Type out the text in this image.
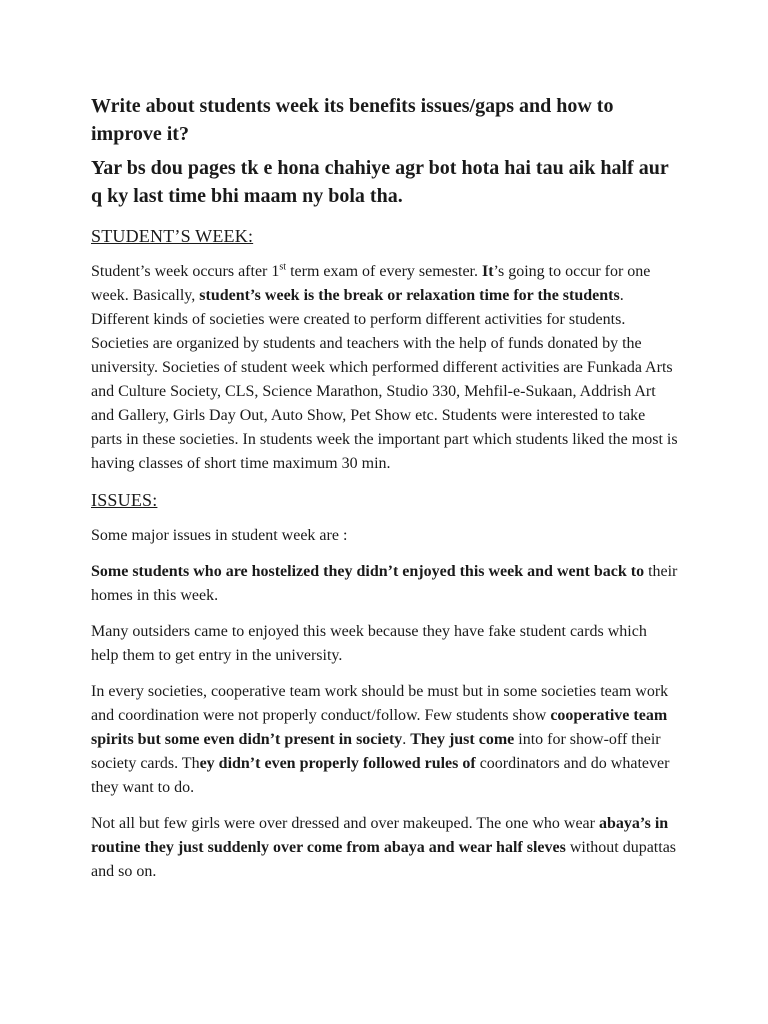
Write about students week its benefits issues/gaps and how to improve it?
Yar bs dou pages tk e hona chahiye agr bot hota hai tau aik half aur q ky last time bhi maam ny bola tha.
STUDENT’S WEEK:

Student’s week occurs after 1st term exam of every semester. It’s going to occur for one week. Basically, student’s week is the break or relaxation time for the students. Different kinds of societies were created to perform different activities for students. Societies are organized by students and teachers with the help of funds donated by the university. Societies of student week which performed different activities are Funkada Arts and Culture Society, CLS, Science Marathon, Studio 330, Mehfil-e-Sukaan, Addrish Art and Gallery, Girls Day Out, Auto Show, Pet Show etc. Students were interested to take parts in these societies. In students week the important part which students liked the most is having classes of short time maximum 30 min.

ISSUES:

Some major issues in student week are :

Some students who are hostelized they didn’t enjoyed this week and went back to their homes in this week.

Many outsiders came to enjoyed this week because they have fake student cards which help them to get entry in the university.

In every societies, cooperative team work should be must but in some societies team work and coordination were not properly conduct/follow. Few students show cooperative team spirits but some even didn’t present in society. They just come into for show-off their society cards. They didn’t even properly followed rules of coordinators and do whatever they want to do.

Not all but few girls were over dressed and over makeuped. The one who wear abaya’s in routine they just suddenly over come from abaya and wear half sleves without dupattas and so on.
